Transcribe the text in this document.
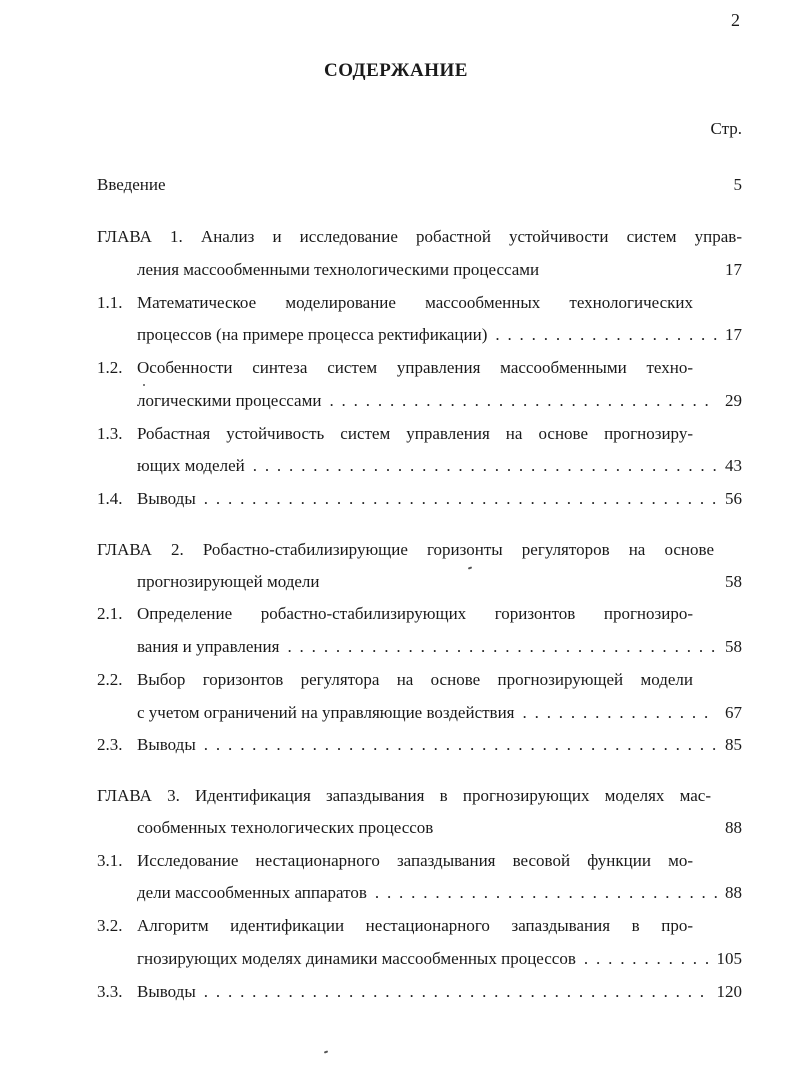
2
СОДЕРЖАНИЕ
Стр.
Введение	5
ГЛАВА 1. Анализ и исследование робастной устойчивости систем управ-
ления массообменными технологическими процессами	17
1.1. Математическое моделирование массообменных технологических
процессов (на примере процесса ректификации) . . .	17
1.2. Особенности синтеза систем управления массообменными техно-
логическими процессами . . .	29
1.3. Робастная устойчивость систем управления на основе прогнозиру-
ющих моделей . . .	43
1.4. Выводы . . .	56
ГЛАВА 2. Робастно-стабилизирующие горизонты регуляторов на основе
прогнозирующей модели	58
2.1. Определение робастно-стабилизирующих горизонтов прогнозиро-
вания и управления . . .	58
2.2. Выбор горизонтов регулятора на основе прогнозирующей модели
с учетом ограничений на управляющие воздействия . . .	67
2.3. Выводы . . .	85
ГЛАВА 3. Идентификация запаздывания в прогнозирующих моделях мас-
сообменных технологических процессов	88
3.1. Исследование нестационарного запаздывания весовой функции мо-
дели массообменных аппаратов . . .	88
3.2. Алгоритм идентификации нестационарного запаздывания в про-
гнозирующих моделях динамики массообменных процессов . . .	105
3.3. Выводы . . .	120
